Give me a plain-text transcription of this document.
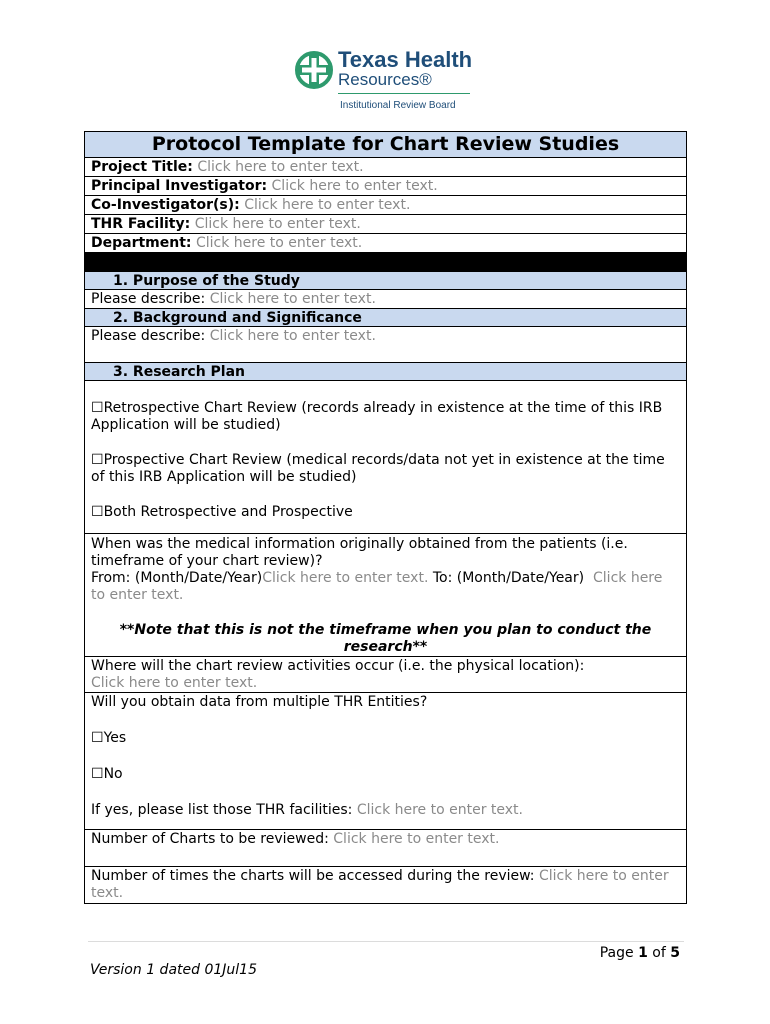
Texas Health
Resources®
Institutional Review Board
Protocol Template for Chart Review Studies
Project Title: Click here to enter text.
Principal Investigator: Click here to enter text.
Co-Investigator(s): Click here to enter text.
THR Facility: Click here to enter text.
Department: Click here to enter text.
1. Purpose of the Study
Please describe: Click here to enter text.
2. Background and Significance
Please describe: Click here to enter text.
3. Research Plan
☐Retrospective Chart Review (records already in existence at the time of this IRB Application will be studied)
☐Prospective Chart Review (medical records/data not yet in existence at the time of this IRB Application will be studied)
☐Both Retrospective and Prospective
When was the medical information originally obtained from the patients (i.e. timeframe of your chart review)?
From: (Month/Date/Year)Click here to enter text. To: (Month/Date/Year) Click here to enter text.
**Note that this is not the timeframe when you plan to conduct the research**
Where will the chart review activities occur (i.e. the physical location):
Click here to enter text.
Will you obtain data from multiple THR Entities?
☐Yes
☐No
If yes, please list those THR facilities: Click here to enter text.
Number of Charts to be reviewed: Click here to enter text.
Number of times the charts will be accessed during the review: Click here to enter text.
Page 1 of 5
Version 1 dated 01Jul15
